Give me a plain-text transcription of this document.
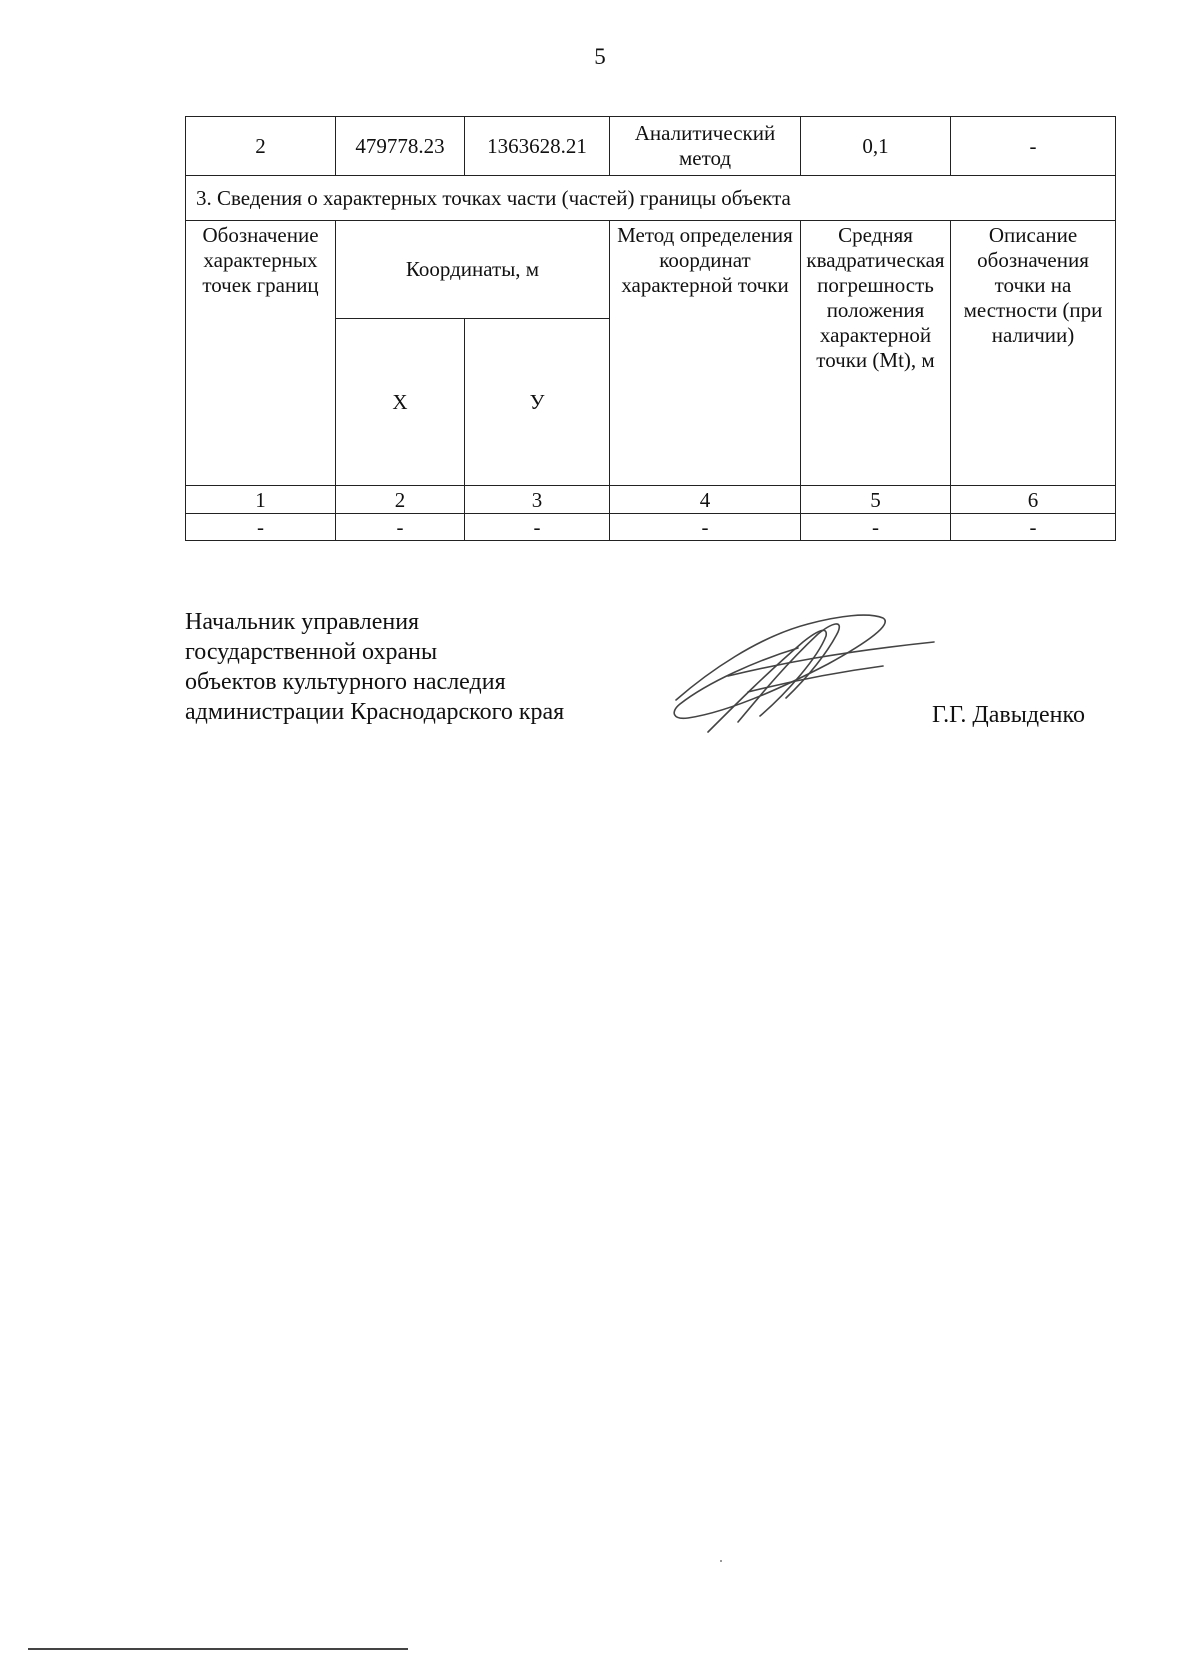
5
2	479778.23	1363628.21	Аналитический метод	0,1	-
3. Сведения о характерных точках части (частей) границы объекта					
Обозначение характерных точек границ	Координаты, м		Метод определения координат характерной точки	Средняя квадратическая погрешность положения характерной точки (Mt), м	Описание обозначения точки на местности (при наличии)
	Х	У			
1	2	3	4	5	6
-	-	-	-	-	-
Начальник управления
государственной охраны
объектов культурного наследия
администрации Краснодарского края	Г.Г. Давыденко
